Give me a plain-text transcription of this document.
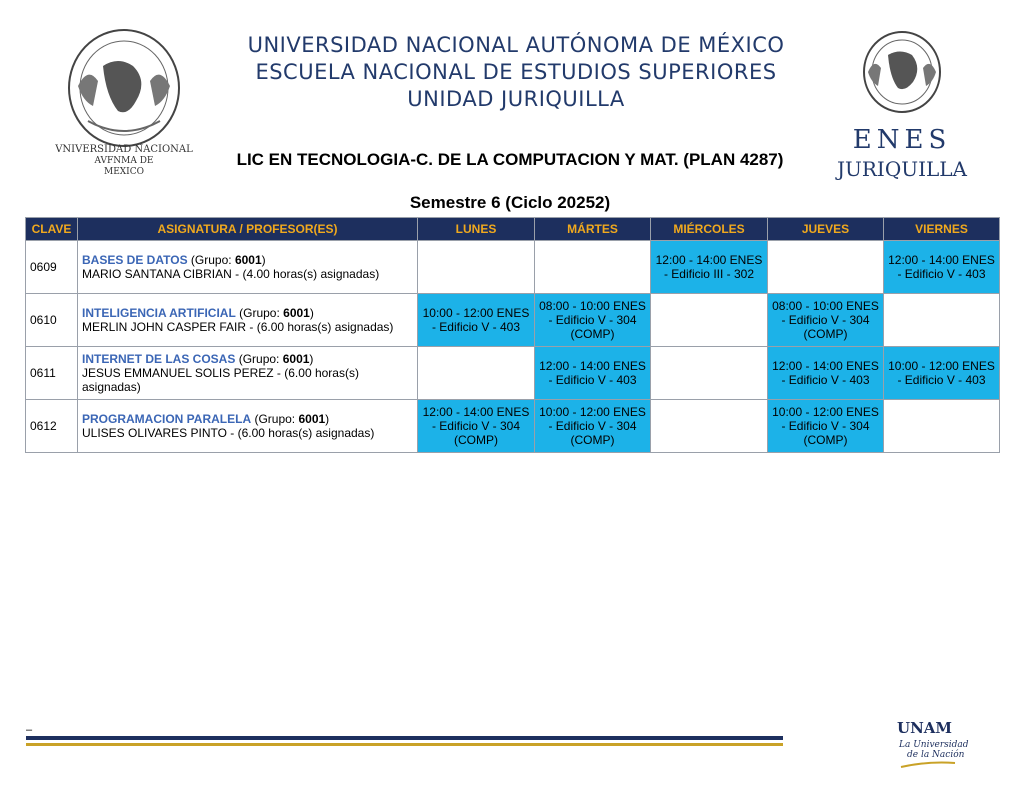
VNIVERSIDAD NACIONAL
AVFNMA DE
MEXICO
UNIVERSIDAD NACIONAL AUTÓNOMA DE MÉXICO
ESCUELA NACIONAL DE ESTUDIOS SUPERIORES
UNIDAD JURIQUILLA
ENES
JURIQUILLA
LIC EN TECNOLOGIA-C. DE LA COMPUTACION Y MAT. (PLAN 4287)
Semestre 6 (Ciclo 20252)
CLAVE	ASIGNATURA / PROFESOR(ES)	LUNES	MÁRTES	MIÉRCOLES	JUEVES	VIERNES
0609	BASES DE DATOS (Grupo: 6001)
MARIO SANTANA CIBRIAN - (4.00 horas(s) asignadas)			12:00 - 14:00 ENES - Edificio III - 302		12:00 - 14:00 ENES - Edificio V - 403
0610	INTELIGENCIA ARTIFICIAL (Grupo: 6001)
MERLIN JOHN CASPER FAIR - (6.00 horas(s) asignadas)	10:00 - 12:00 ENES - Edificio V - 403	08:00 - 10:00 ENES - Edificio V - 304 (COMP)		08:00 - 10:00 ENES - Edificio V - 304 (COMP)	
0611	INTERNET DE LAS COSAS (Grupo: 6001)
JESUS EMMANUEL SOLIS PEREZ - (6.00 horas(s) asignadas)		12:00 - 14:00 ENES - Edificio V - 403		12:00 - 14:00 ENES - Edificio V - 403	10:00 - 12:00 ENES - Edificio V - 403
0612	PROGRAMACION PARALELA (Grupo: 6001)
ULISES OLIVARES PINTO - (6.00 horas(s) asignadas)	12:00 - 14:00 ENES - Edificio V - 304 (COMP)	10:00 - 12:00 ENES - Edificio V - 304 (COMP)		10:00 - 12:00 ENES - Edificio V - 304 (COMP)	
–	UNAM
La Universidad
de la Nación
